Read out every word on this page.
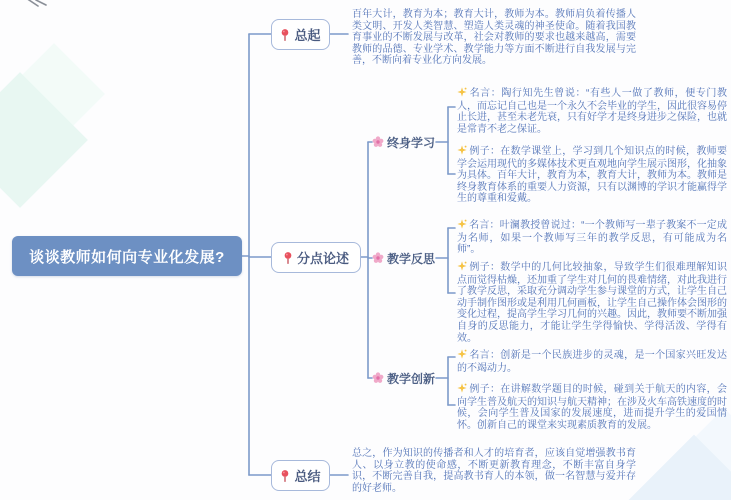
谈谈教师如何向专业化发展?
总起
分点论述
总结
终身学习
教学反思
教学创新
百年大计，教育为本；教育大计，教师为本。教师肩负着传播人类文明、开发人类智慧、塑造人类灵魂的神圣使命。随着我国教育事业的不断发展与改革，社会对教师的要求也越来越高，需要教师的品德、专业学术、教学能力等方面不断进行自我发展与完善，不断向着专业化方向发展。
名言：陶行知先生曾说：“有些人一做了教师，便专门教人，而忘记自己也是一个永久不会毕业的学生，因此很容易停止长进，甚至未老先衰，只有好学才是终身进步之保险，也就是常青不老之保证。
例子：在数学课堂上，学习到几个知识点的时候，教师要学会运用现代的多媒体技术更直观地向学生展示图形，化抽象为具体。百年大计，教育为本，教育大计，教师为本。教师是终身教育体系的重要人力资源，只有以渊博的学识才能赢得学生的尊重和爱戴。
名言：叶澜教授曾说过：“一个教师写一辈子教案不一定成为名师，如果一个教师写三年的教学反思，有可能成为名师”。
例子：数学中的几何比较抽象，导致学生们很难理解知识点而觉得枯燥，还加重了学生对几何的畏难情绪，对此我进行了教学反思，采取充分调动学生参与课堂的方式，让学生自己动手制作图形或是利用几何画板，让学生自己操作体会图形的变化过程，提高学生学习几何的兴趣。因此，教师要不断加强自身的反思能力，才能让学生学得愉快、学得活泼、学得有效。
名言：创新是一个民族进步的灵魂，是一个国家兴旺发达的不竭动力。
例子：在讲解数学题目的时候，碰到关于航天的内容，会向学生普及航天的知识与航天精神；在涉及火车高铁速度的时候，会向学生普及国家的发展速度，进而提升学生的爱国情怀。创新自己的课堂来实现素质教育的发展。
总之，作为知识的传播者和人才的培育者，应该自觉增强教书育人、以身立教的使命感，不断更新教育理念，不断丰富自身学识，不断完善自我，提高教书育人的本领，做一名智慧与爱并存的好老师。
